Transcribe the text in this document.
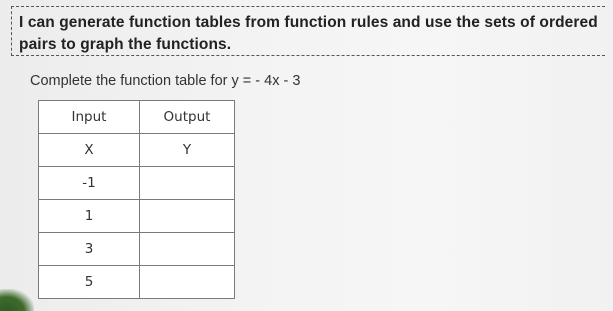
I can generate function tables from function rules and use the sets of ordered pairs to graph the functions.
Complete the function table for y = - 4x - 3
Input	Output
X	Y
-1	
1	
3	
5	
